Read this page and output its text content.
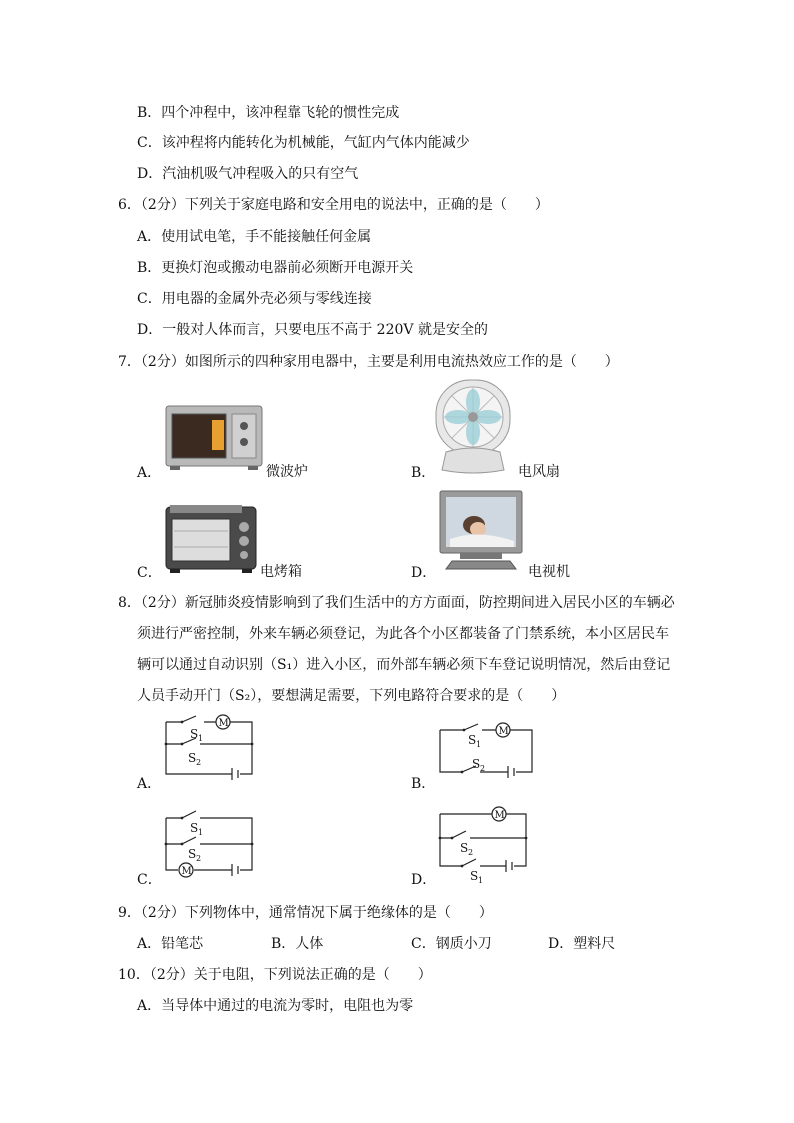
B．四个冲程中，该冲程靠飞轮的惯性完成
C．该冲程将内能转化为机械能，气缸内气体内能减少
D．汽油机吸气冲程吸入的只有空气
6．（2分）下列关于家庭电路和安全用电的说法中，正确的是（　　）
A．使用试电笔，手不能接触任何金属
B．更换灯泡或搬动电器前必须断开电源开关
C．用电器的金属外壳必须与零线连接
D．一般对人体而言，只要电压不高于 220V 就是安全的
7．（2分）如图所示的四种家用电器中，主要是利用电流热效应工作的是（　　）
A．	微波炉	B．	电风扇
C．	电烤箱	D．	电视机
8．（2分）新冠肺炎疫情影响到了我们生活中的方方面面，防控期间进入居民小区的车辆必
须进行严密控制，外来车辆必须登记，为此各个小区都装备了门禁系统，本小区居民车
辆可以通过自动识别（S₁）进入小区，而外部车辆必须下车登记说明情况，然后由登记
人员手动开门（S₂），要想满足需要，下列电路符合要求的是（　　）
M
S 1
S 2
A．
S 1
M
S 2
B．
S 1
S 2
M
C．
M
S 2
S 1
D．
9．（2分）下列物体中，通常情况下属于绝缘体的是（　　）
A．铅笔芯	B．人体	C．钢质小刀	D．塑料尺
10．（2分）关于电阻，下列说法正确的是（　　）
A．当导体中通过的电流为零时，电阻也为零
